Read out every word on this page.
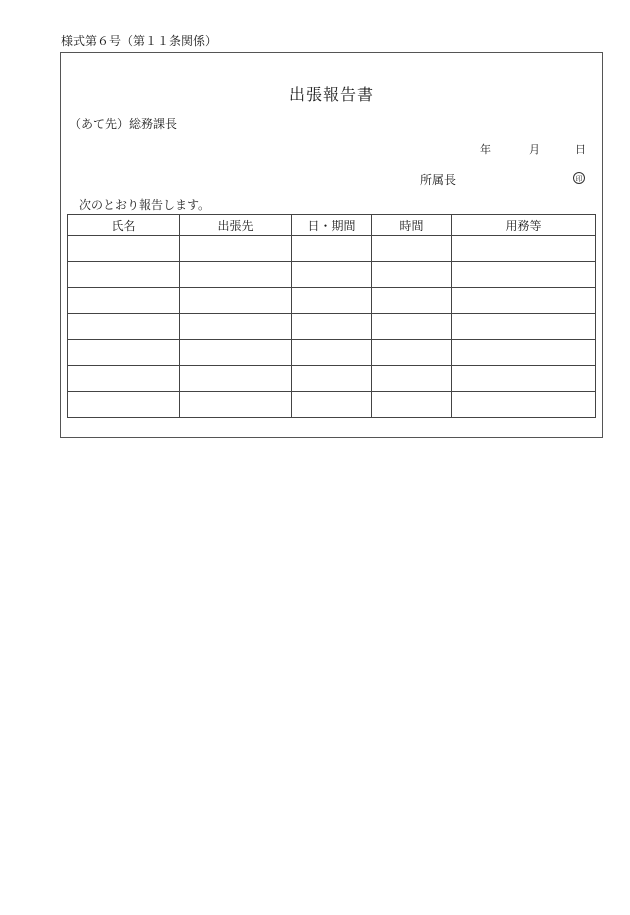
様式第６号（第１１条関係）
出張報告書
（あて先）総務課長
年	月	日
所属長	印
次のとおり報告します。
氏名	出張先	日・期間	時間	用務等
